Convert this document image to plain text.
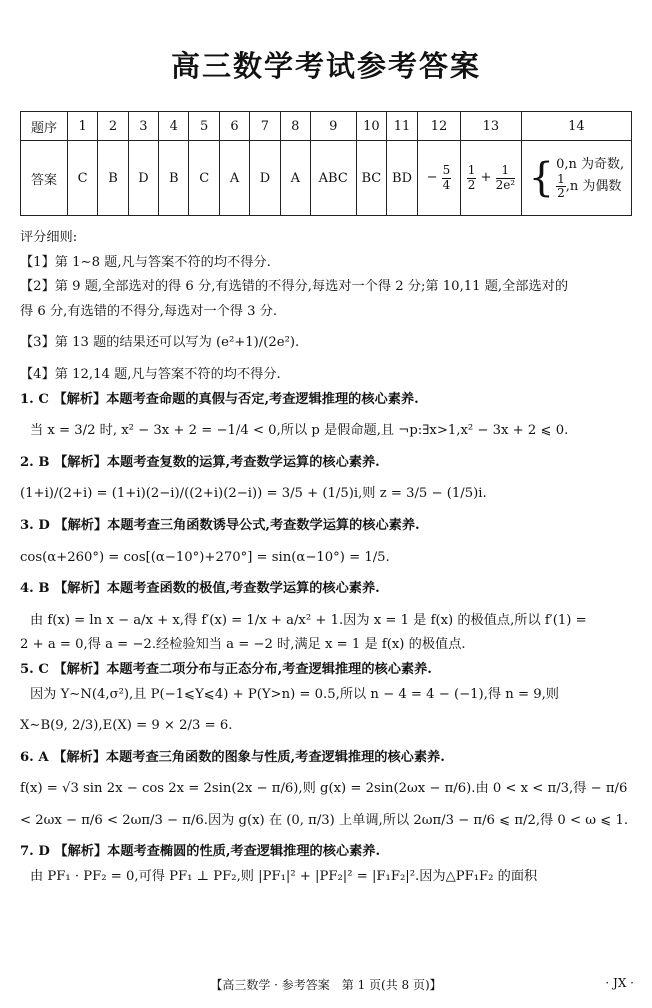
高三数学考试参考答案
题序	1	2	3	4	5	6	7	8	9	10	11	12	13	14
答案	C	B	D	B	C	A	D	A	ABC	BC	BD	− $\frac{5}{4}$	$\frac{1}{2} + \frac{1}{\text{2e²}}$	{ 0,n 为奇数,
$\frac{1}{2} ,n$ 为偶数

评分细则:

【1】第 1∼8 题,凡与答案不符的均不得分.

【2】第 9 题,全部选对的得 6 分,有选错的不得分,每选对一个得 2 分;第 10,11 题,全部选对的

得 6 分,有选错的不得分,每选对一个得 3 分.

【3】第 13 题的结果还可以写为 (e²+1)/(2e²).

【4】第 12,14 题,凡与答案不符的均不得分.

1. C 【解析】本题考查命题的真假与否定,考查逻辑推理的核心素养.

当 x = 3/2 时, x² − 3x + 2 = −1/4 < 0,所以 p 是假命题,且 ¬p:∃x>1,x² − 3x + 2 ⩽ 0.

2. B 【解析】本题考查复数的运算,考查数学运算的核心素养.

(1+i)/(2+i) = (1+i)(2−i)/((2+i)(2−i)) = 3/5 + (1/5)i,则 z = 3/5 − (1/5)i.

3. D 【解析】本题考查三角函数诱导公式,考查数学运算的核心素养.

cos(α+260°) = cos[(α−10°)+270°] = sin(α−10°) = 1/5.

4. B 【解析】本题考查函数的极值,考查数学运算的核心素养.

由 f(x) = ln x − a/x + x,得 f′(x) = 1/x + a/x² + 1.因为 x = 1 是 f(x) 的极值点,所以 f′(1) =

2 + a = 0,得 a = −2.经检验知当 a = −2 时,满足 x = 1 是 f(x) 的极值点.

5. C 【解析】本题考查二项分布与正态分布,考查逻辑推理的核心素养.

因为 Y∼N(4,σ²),且 P(−1⩽Y⩽4) + P(Y>n) = 0.5,所以 n − 4 = 4 − (−1),得 n = 9,则

X∼B(9, 2/3),E(X) = 9 × 2/3 = 6.

6. A 【解析】本题考查三角函数的图象与性质,考查逻辑推理的核心素养.

f(x) = √3 sin 2x − cos 2x = 2sin(2x − π/6),则 g(x) = 2sin(2ωx − π/6).由 0 < x < π/3,得 − π/6

< 2ωx − π/6 < 2ωπ/3 − π/6.因为 g(x) 在 (0, π/3) 上单调,所以 2ωπ/3 − π/6 ⩽ π/2,得 0 < ω ⩽ 1.

7. D 【解析】本题考查椭圆的性质,考查逻辑推理的核心素养.

由 PF₁ · PF₂ = 0,可得 PF₁ ⊥ PF₂,则 |PF₁|² + |PF₂|² = |F₁F₂|².因为△PF₁F₂ 的面积

【高三数学 · 参考答案　第 1 页(共 8 页)】	· JX ·
